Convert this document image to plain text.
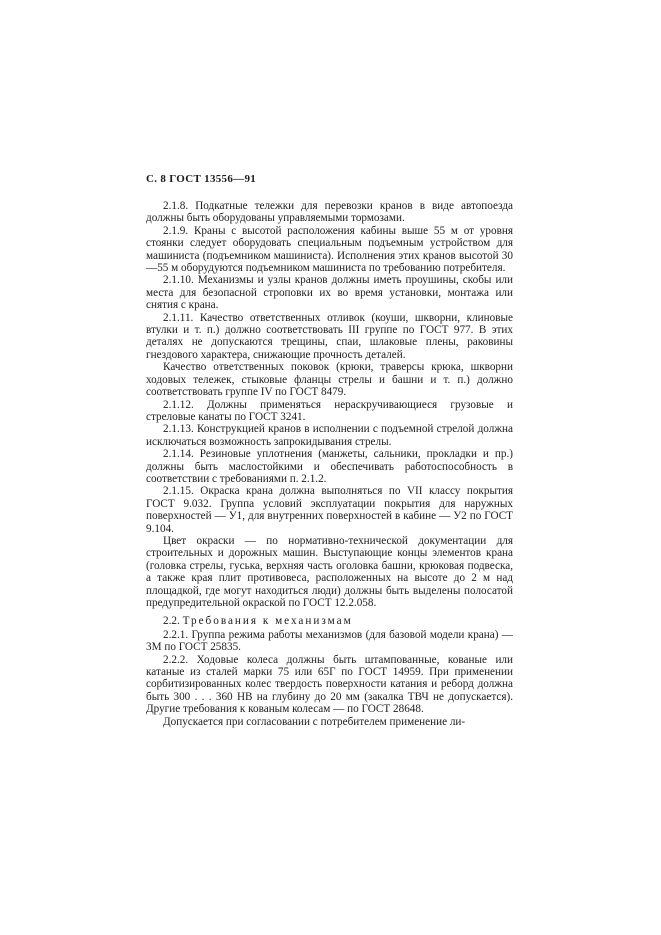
С. 8 ГОСТ 13556—91

2.1.8. Подкатные тележки для перевозки кранов в виде автопоезда должны быть оборудованы управляемыми тормозами.

2.1.9. Краны с высотой расположения кабины выше 55 м от уровня стоянки следует оборудовать специальным подъемным устройством для машиниста (подъемником машиниста). Исполнения этих кранов высотой 30—55 м оборудуются подъемником машиниста по требованию потребителя.

2.1.10. Механизмы и узлы кранов должны иметь проушины, скобы или места для безопасной строповки их во время установки, монтажа или снятия с крана.

2.1.11. Качество ответственных отливок (коуши, шкворни, клиновые втулки и т. п.) должно соответствовать III группе по ГОСТ 977. В этих деталях не допускаются трещины, спаи, шлаковые плены, раковины гнездового характера, снижающие прочность деталей.

Качество ответственных поковок (крюки, траверсы крюка, шкворни ходовых тележек, стыковые фланцы стрелы и башни и т. п.) должно соответствовать группе IV по ГОСТ 8479.

2.1.12. Должны применяться нераскручивающиеся грузовые и стреловые канаты по ГОСТ 3241.

2.1.13. Конструкцией кранов в исполнении с подъемной стрелой должна исключаться возможность запрокидывания стрелы.

2.1.14. Резиновые уплотнения (манжеты, сальники, прокладки и пр.) должны быть маслостойкими и обеспечивать работоспособность в соответствии с требованиями п. 2.1.2.

2.1.15. Окраска крана должна выполняться по VII классу покрытия ГОСТ 9.032. Группа условий эксплуатации покрытия для наружных поверхностей — У1, для внутренних поверхностей в кабине — У2 по ГОСТ 9.104.

Цвет окраски — по нормативно-технической документации для строительных и дорожных машин. Выступающие концы элементов крана (головка стрелы, гуська, верхняя часть оголовка башни, крюковая подвеска, а также края плит противовеса, расположенных на высоте до 2 м над площадкой, где могут находиться люди) должны быть выделены полосатой предупредительной окраской по ГОСТ 12.2.058.

2.2. Требования к механизмам

2.2.1. Группа режима работы механизмов (для базовой модели крана) — 3М по ГОСТ 25835.

2.2.2. Ходовые колеса должны быть штампованные, кованые или катаные из сталей марки 75 или 65Г по ГОСТ 14959. При применении сорбитизированных колес твердость поверхности катания и реборд должна быть 300 . . . 360 НВ на глубину до 20 мм (закалка ТВЧ не допускается). Другие требования к кованым колесам — по ГОСТ 28648.

Допускается при согласовании с потребителем применение ли-
